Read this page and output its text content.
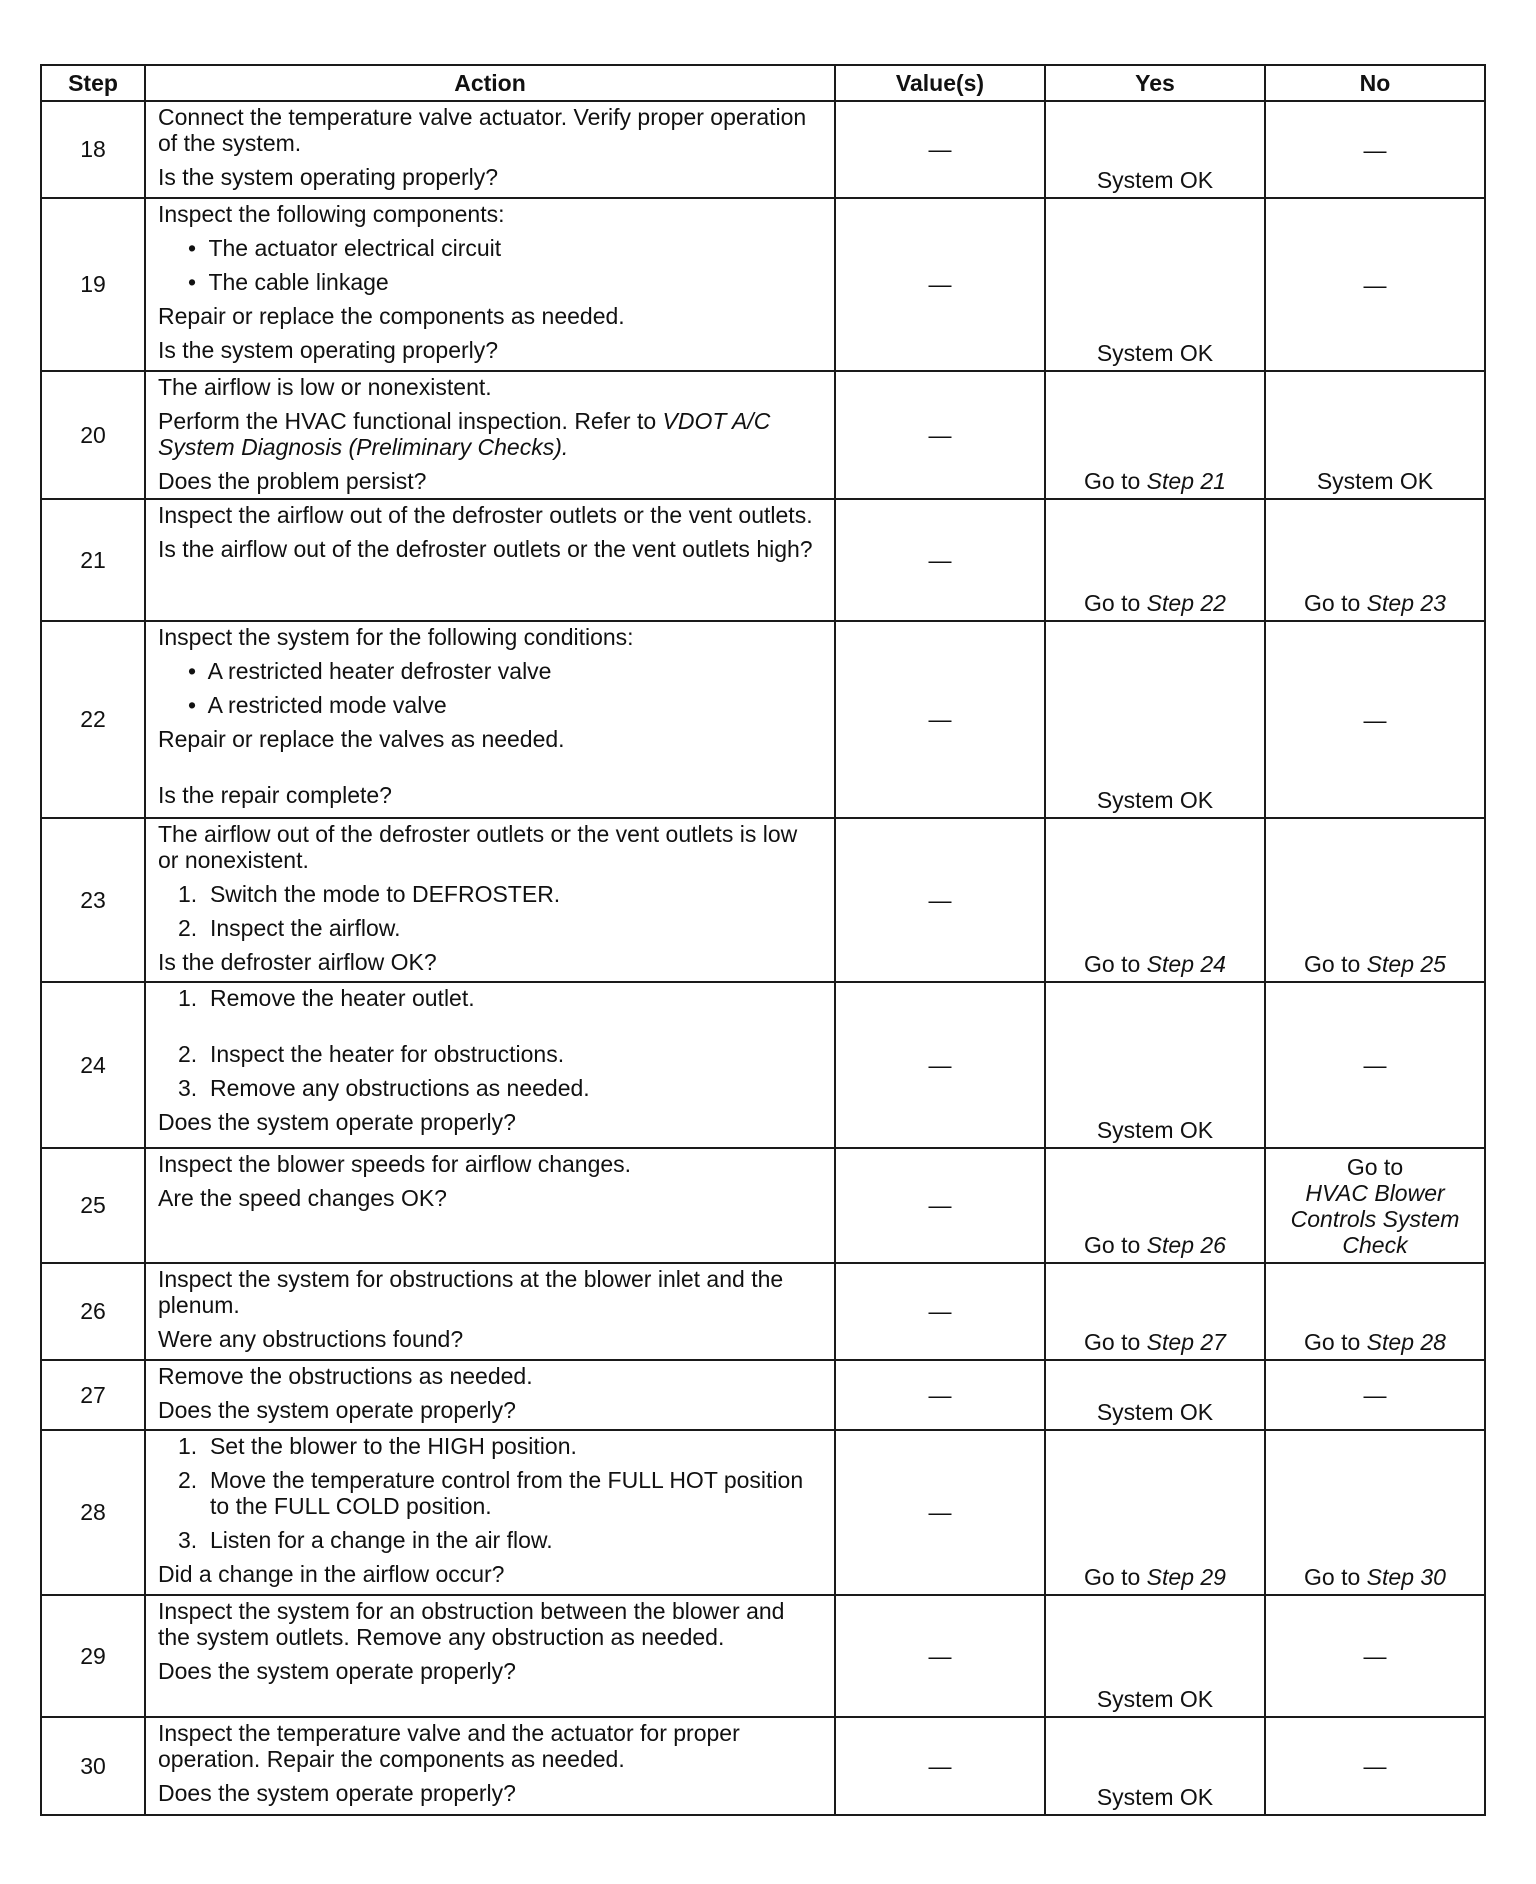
Step	Action	Value(s)	Yes	No
18	Connect the temperature valve actuator. Verify proper operation of the system.
Is the system operating properly?	—	System OK	—
19	Inspect the following components:
• The actuator electrical circuit
• The cable linkage
Repair or replace the components as needed.
Is the system operating properly?	—	System OK	—
20	The airflow is low or nonexistent.
Perform the HVAC functional inspection. Refer to VDOT A/C System Diagnosis (Preliminary Checks).
Does the problem persist?	—	Go to Step 21	System OK
21	Inspect the airflow out of the defroster outlets or the vent outlets.
Is the airflow out of the defroster outlets or the vent outlets high?	—	Go to Step 22	Go to Step 23
22	Inspect the system for the following conditions:
• A restricted heater defroster valve
• A restricted mode valve
Repair or replace the valves as needed.
Is the repair complete?	—	System OK	—
23	The airflow out of the defroster outlets or the vent outlets is low or nonexistent.
1. Switch the mode to DEFROSTER.
2. Inspect the airflow.
Is the defroster airflow OK?	—	Go to Step 24	Go to Step 25
24	1. Remove the heater outlet.
2. Inspect the heater for obstructions.
3. Remove any obstructions as needed.
Does the system operate properly?	—	System OK	—
25	Inspect the blower speeds for airflow changes.
Are the speed changes OK?	—	Go to Step 26	Go to
HVAC Blower Controls System Check
26	Inspect the system for obstructions at the blower inlet and the plenum.
Were any obstructions found?	—	Go to Step 27	Go to Step 28
27	Remove the obstructions as needed.
Does the system operate properly?	—	System OK	—
28	1. Set the blower to the HIGH position.
2. Move the temperature control from the FULL HOT position to the FULL COLD position.
3. Listen for a change in the air flow.
Did a change in the airflow occur?	—	Go to Step 29	Go to Step 30
29	Inspect the system for an obstruction between the blower and the system outlets. Remove any obstruction as needed.
Does the system operate properly?	—	System OK	—
30	Inspect the temperature valve and the actuator for proper operation. Repair the components as needed.
Does the system operate properly?	—	System OK	—
